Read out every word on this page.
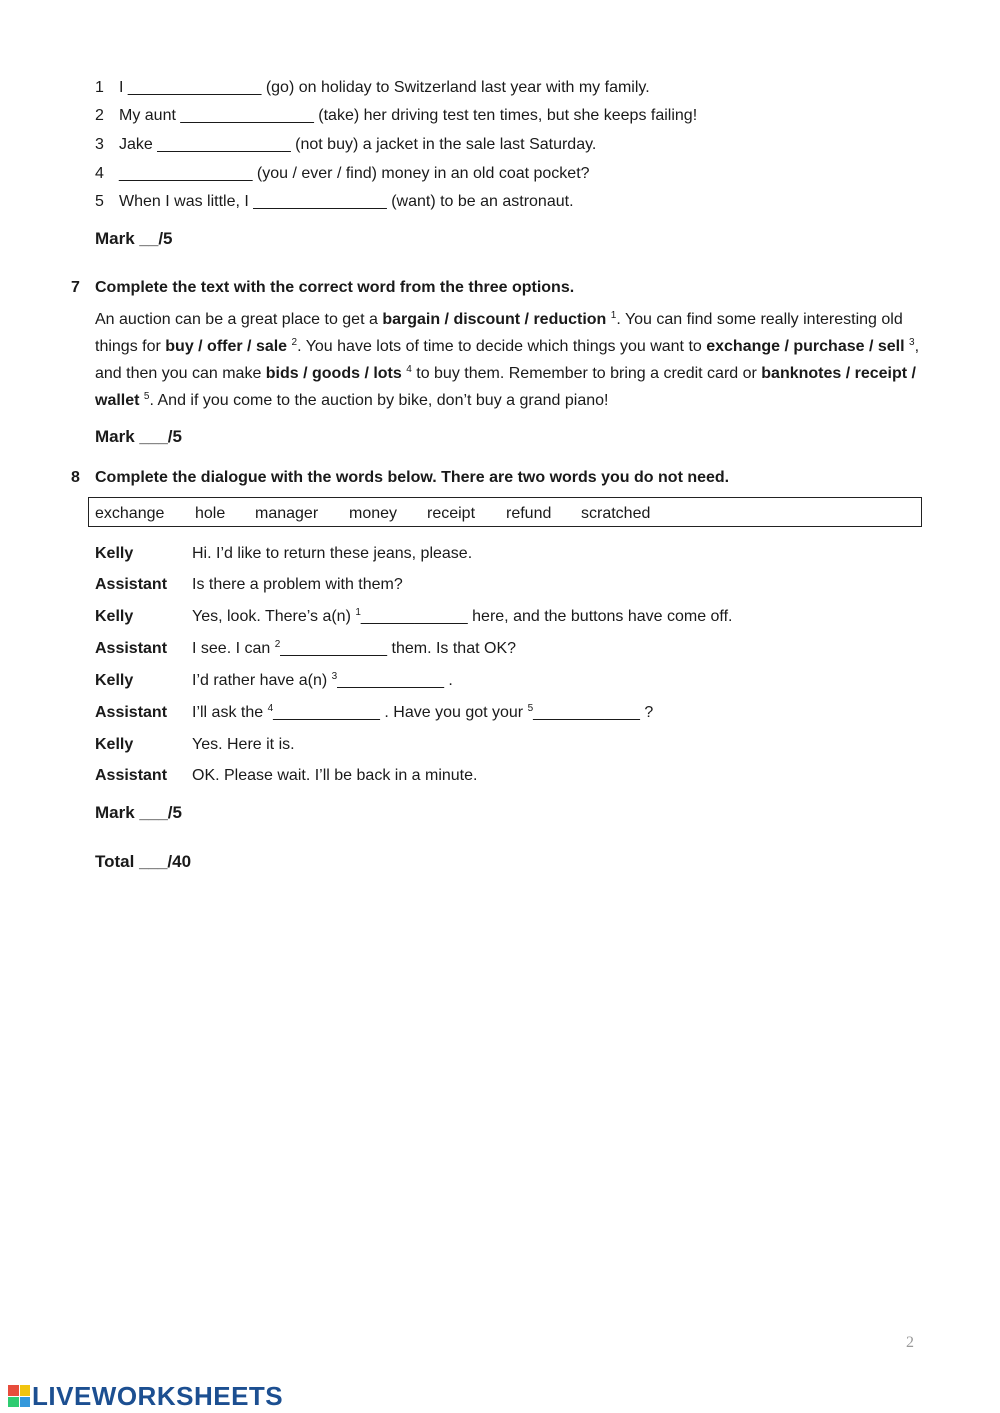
1 I _______________ (go) on holiday to Switzerland last year with my family.
2 My aunt _______________ (take) her driving test ten times, but she keeps failing!
3 Jake _______________ (not buy) a jacket in the sale last Saturday.
4 _______________ (you / ever / find) money in an old coat pocket?
5 When I was little, I _______________ (want) to be an astronaut.
Mark __/5
7 Complete the text with the correct word from the three options.
An auction can be a great place to get a bargain / discount / reduction $^1$. You can find some really interesting old things for buy / offer / sale $^2$. You have lots of time to decide which things you want to exchange / purchase / sell $^3$, and then you can make bids / goods / lots $^4$ to buy them. Remember to bring a credit card or banknotes / receipt / wallet $^5$. And if you come to the auction by bike, don’t buy a grand piano!
Mark ___/5
8 Complete the dialogue with the words below. There are two words you do not need.
exchange hole manager money receipt refund scratched
Kelly	Hi. I’d like to return these jeans, please.
Assistant Is there a problem with them?
Kelly	Yes, look. There’s a(n) $^1$____________ here, and the buttons have come off.
Assistant I see. I can $^2$____________ them. Is that OK?
Kelly	I’d rather have a(n) $^3$____________ .
Assistant I’ll ask the $^4$____________ . Have you got your $^5$____________ ?
Kelly	Yes. Here it is.
Assistant OK. Please wait. I’ll be back in a minute.
Mark ___/5
Total ___/40
2
LIVEWORKSHEETS
